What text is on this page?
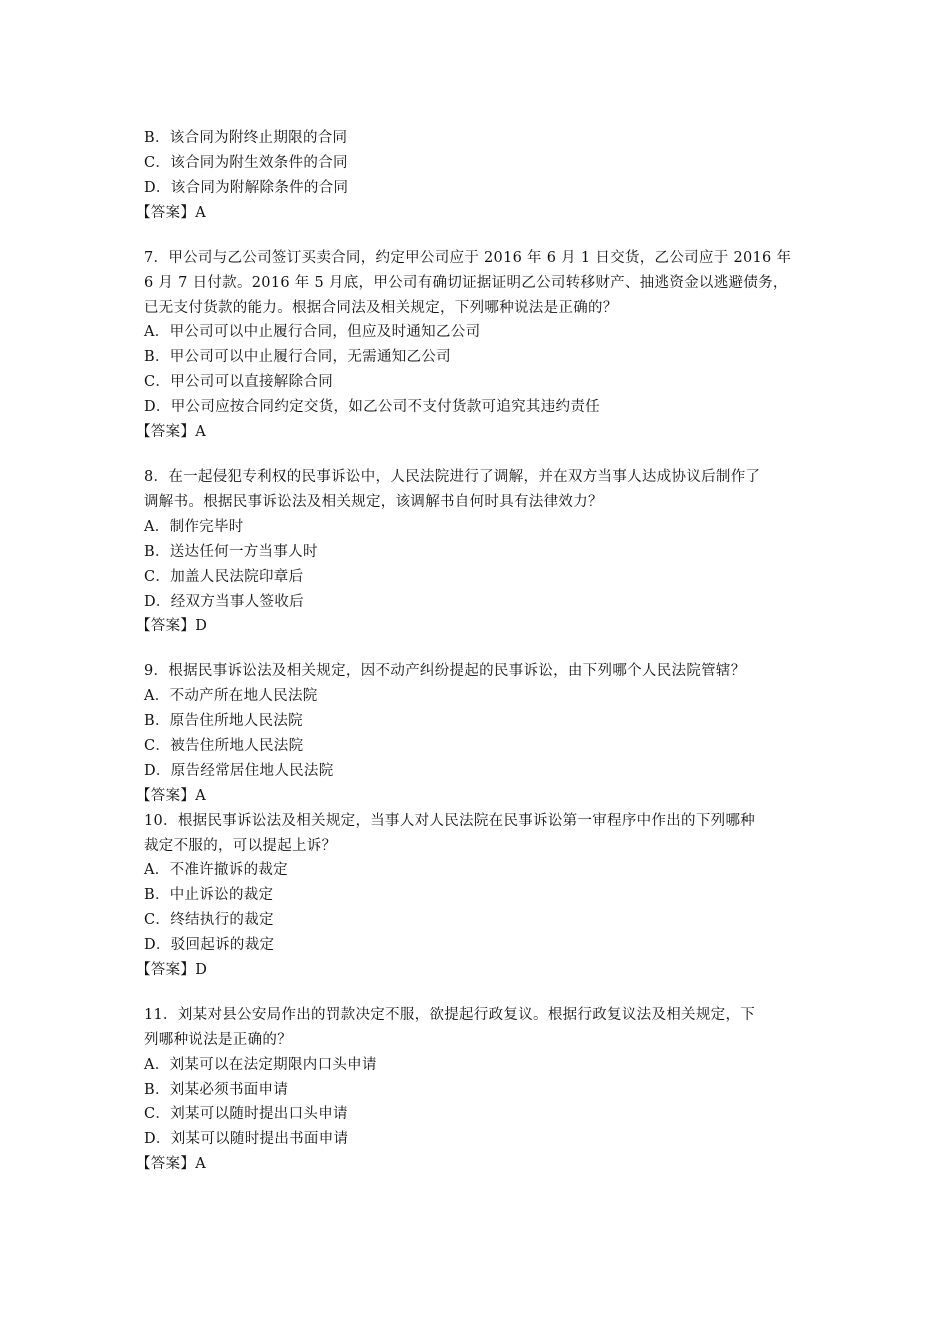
B．该合同为附终止期限的合同
C．该合同为附生效条件的合同
D．该合同为附解除条件的合同
【答案】A
7．甲公司与乙公司签订买卖合同，约定甲公司应于 2016 年 6 月 1 日交货，乙公司应于 2016 年
6 月 7 日付款。2016 年 5 月底，甲公司有确切证据证明乙公司转移财产、抽逃资金以逃避债务，
已无支付货款的能力。根据合同法及相关规定，下列哪种说法是正确的？
A．甲公司可以中止履行合同，但应及时通知乙公司
B．甲公司可以中止履行合同，无需通知乙公司
C．甲公司可以直接解除合同
D．甲公司应按合同约定交货，如乙公司不支付货款可追究其违约责任
【答案】A
8．在一起侵犯专利权的民事诉讼中，人民法院进行了调解，并在双方当事人达成协议后制作了
调解书。根据民事诉讼法及相关规定，该调解书自何时具有法律效力？
A．制作完毕时
B．送达任何一方当事人时
C．加盖人民法院印章后
D．经双方当事人签收后
【答案】D
9．根据民事诉讼法及相关规定，因不动产纠纷提起的民事诉讼，由下列哪个人民法院管辖？
A．不动产所在地人民法院
B．原告住所地人民法院
C．被告住所地人民法院
D．原告经常居住地人民法院
【答案】A
10．根据民事诉讼法及相关规定，当事人对人民法院在民事诉讼第一审程序中作出的下列哪种
裁定不服的，可以提起上诉？
A．不准许撤诉的裁定
B．中止诉讼的裁定
C．终结执行的裁定
D．驳回起诉的裁定
【答案】D
11．刘某对县公安局作出的罚款决定不服，欲提起行政复议。根据行政复议法及相关规定，下
列哪种说法是正确的？
A．刘某可以在法定期限内口头申请
B．刘某必须书面申请
C．刘某可以随时提出口头申请
D．刘某可以随时提出书面申请
【答案】A
